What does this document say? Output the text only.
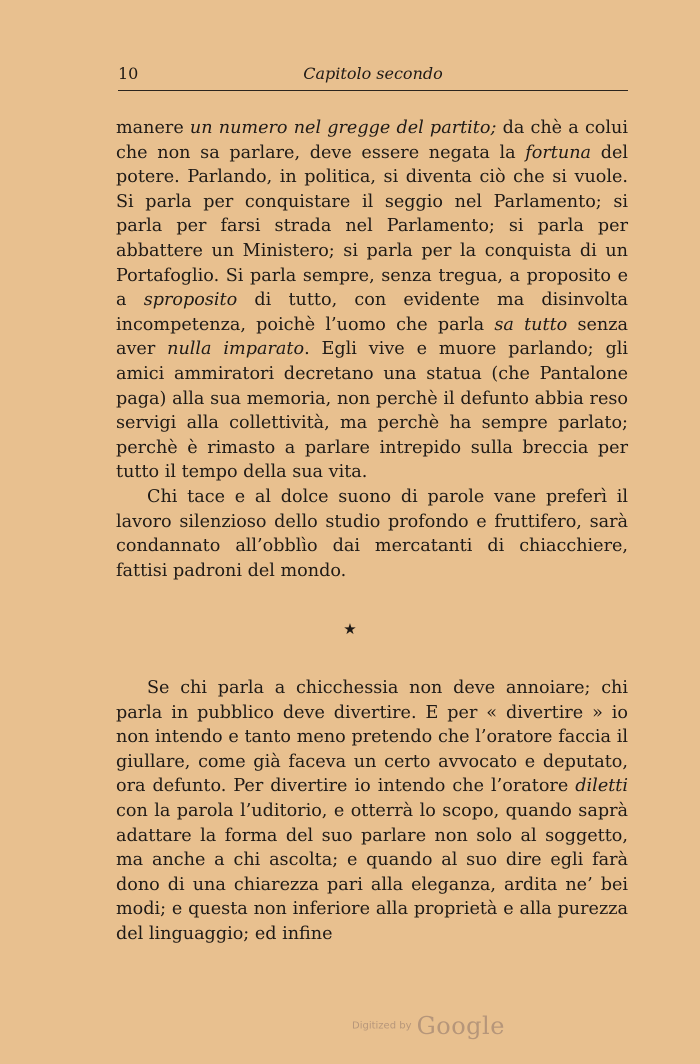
10	Capitolo secondo

manere un numero nel gregge del partito; da chè a colui che non sa parlare, deve essere negata la fortuna del potere. Parlando, in politica, si diventa ciò che si vuole. Si parla per conquistare il seggio nel Parlamento; si parla per farsi strada nel Parlamento; si parla per abbattere un Ministero; si parla per la conquista di un Portafoglio. Si parla sempre, senza tregua, a proposito e a sproposito di tutto, con evidente ma disinvolta incompetenza, poichè l’uomo che parla sa tutto senza aver nulla imparato. Egli vive e muore parlando; gli amici ammiratori decretano una statua (che Pantalone paga) alla sua memoria, non perchè il defunto abbia reso servigi alla collettività, ma perchè ha sempre parlato; perchè è rimasto a parlare intrepido sulla breccia per tutto il tempo della sua vita.

Chi tace e al dolce suono di parole vane preferì il lavoro silenzioso dello studio profondo e fruttifero, sarà condannato all’obblìo dai mercatanti di chiacchiere, fattisi padroni del mondo.

★

Se chi parla a chicchessia non deve annoiare; chi parla in pubblico deve divertire. E per « divertire » io non intendo e tanto meno pretendo che l’oratore faccia il giullare, come già faceva un certo avvocato e deputato, ora defunto. Per divertire io intendo che l’oratore diletti con la parola l’uditorio, e otterrà lo scopo, quando saprà adattare la forma del suo parlare non solo al soggetto, ma anche a chi ascolta; e quando al suo dire egli farà dono di una chiarezza pari alla eleganza, ardita ne’ bei modi; e questa non inferiore alla proprietà e alla purezza del linguaggio; ed infine

Digitized by Google
